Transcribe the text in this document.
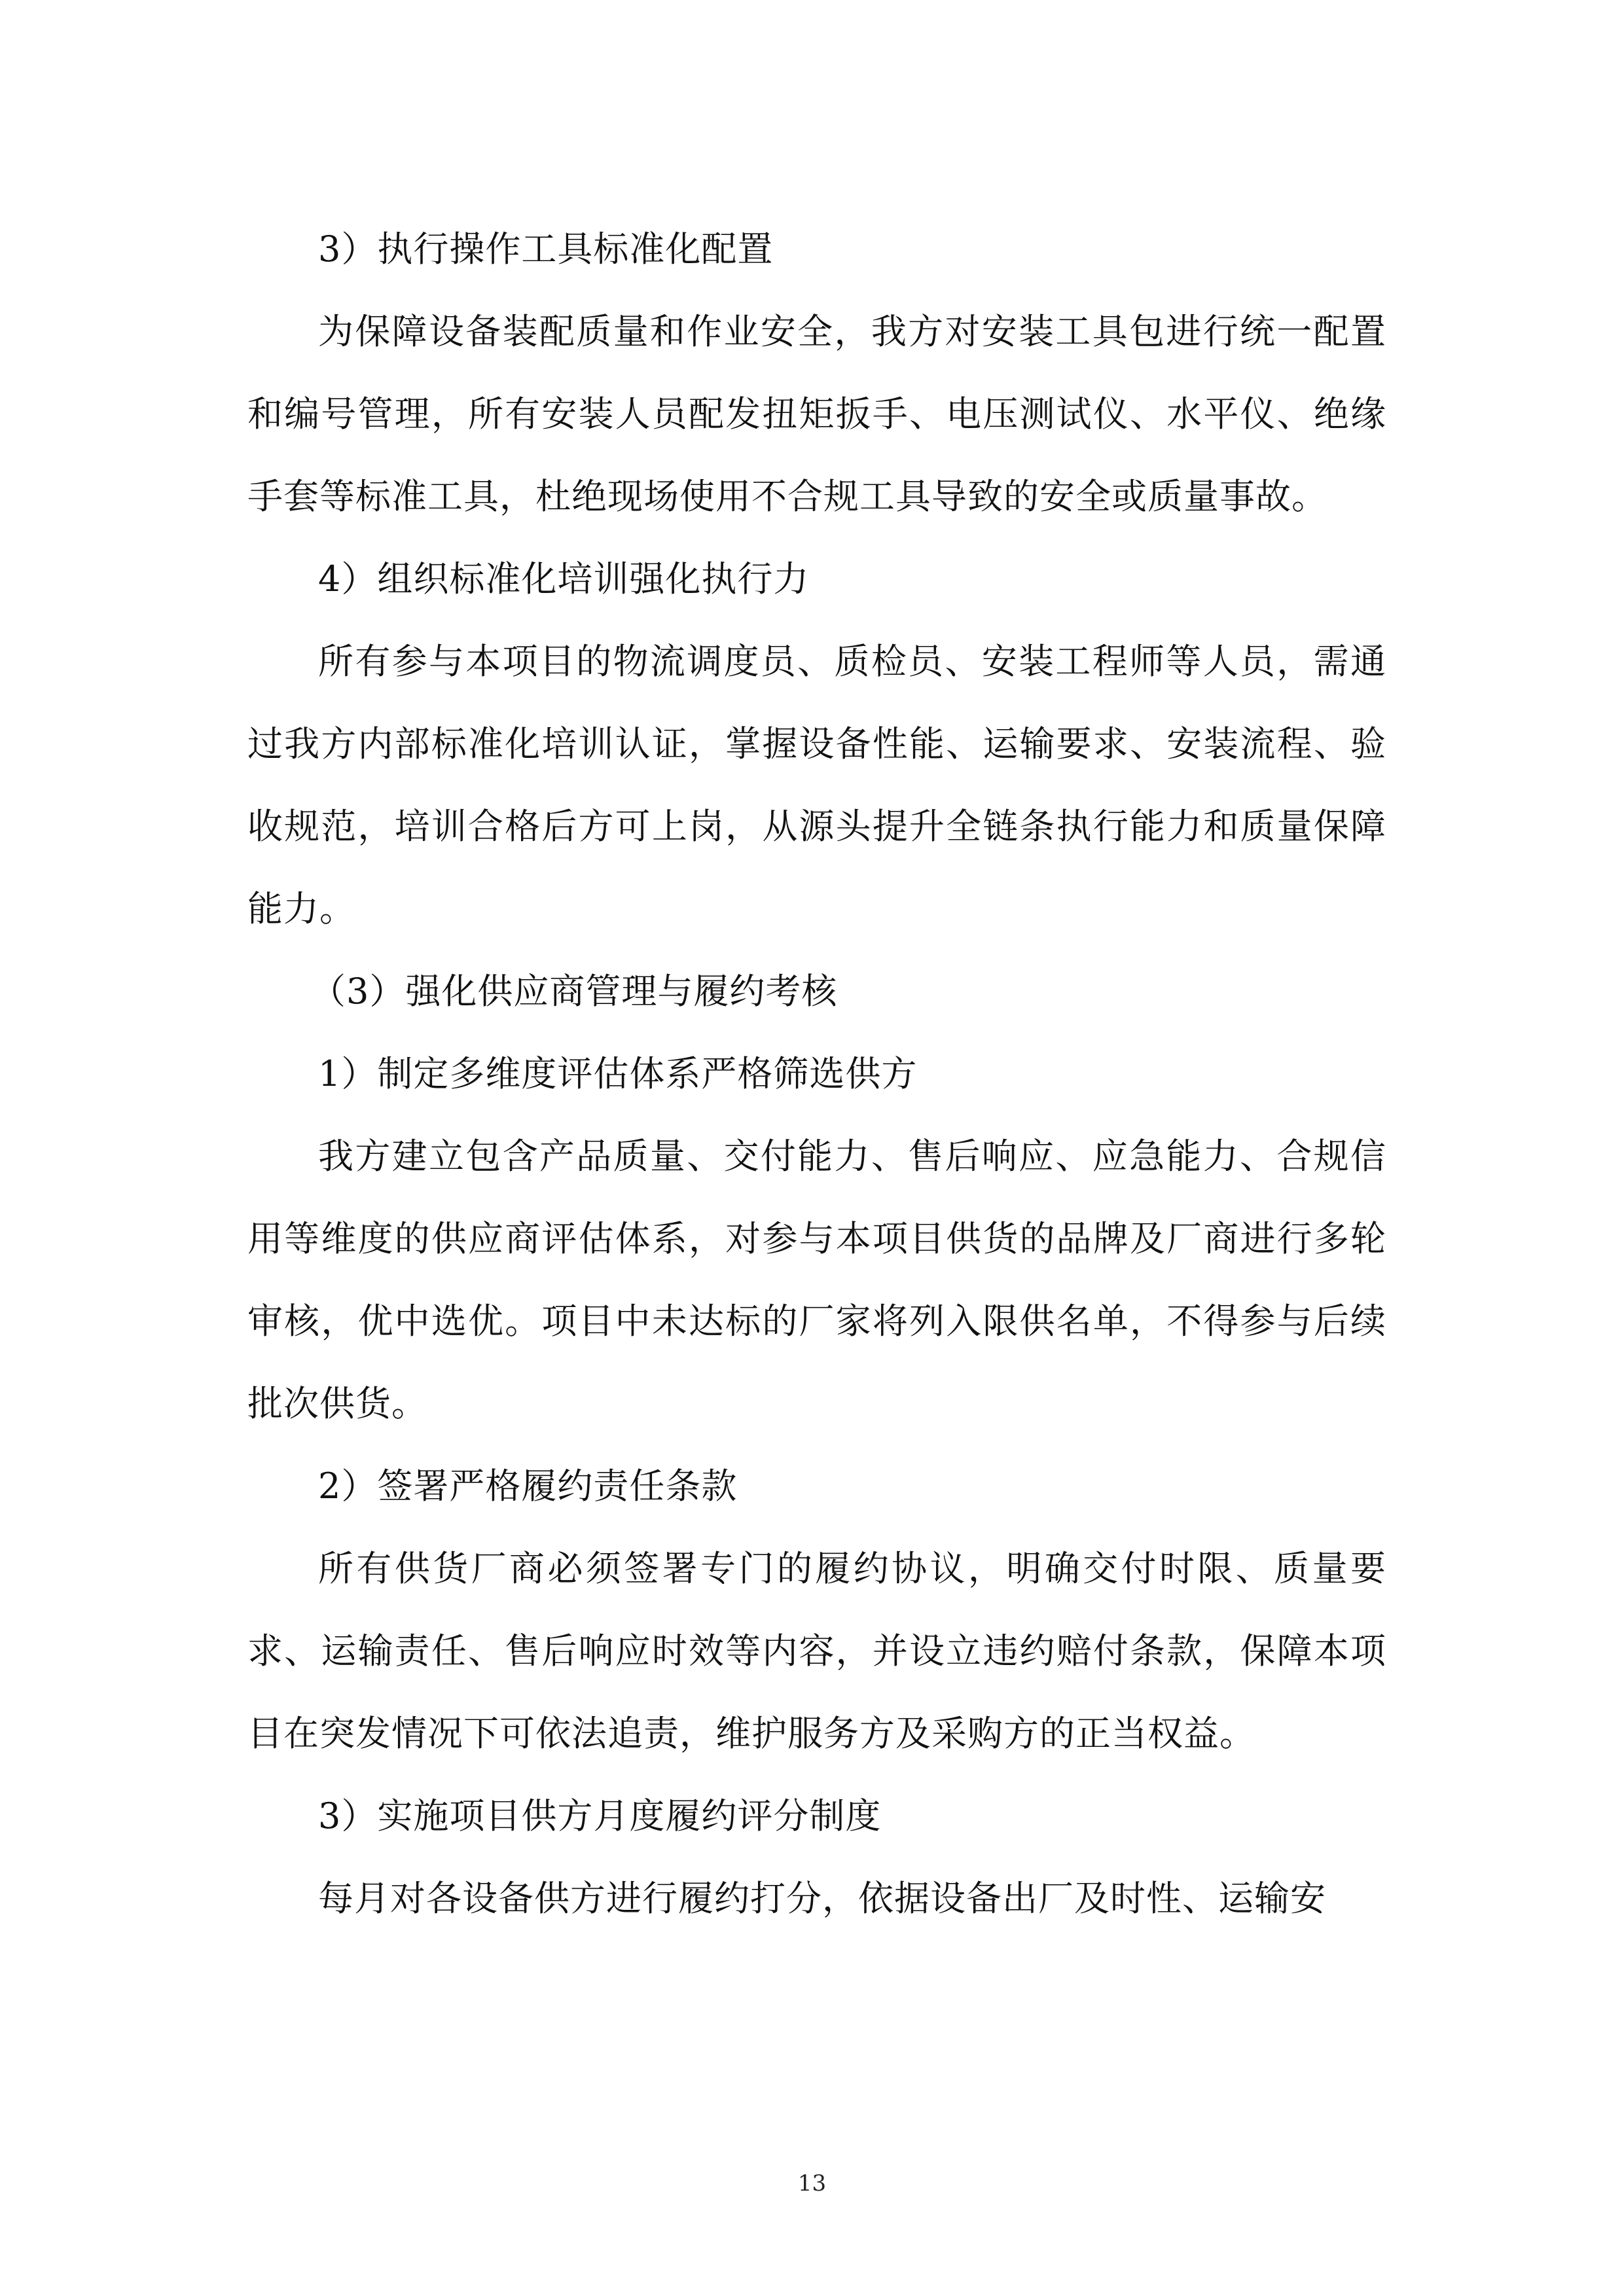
3）执行操作工具标准化配置

为保障设备装配质量和作业安全，我方对安装工具包进行统一配置和编号管理，所有安装人员配发扭矩扳手、电压测试仪、水平仪、绝缘手套等标准工具，杜绝现场使用不合规工具导致的安全或质量事故。

4）组织标准化培训强化执行力

所有参与本项目的物流调度员、质检员、安装工程师等人员，需通过我方内部标准化培训认证，掌握设备性能、运输要求、安装流程、验收规范，培训合格后方可上岗，从源头提升全链条执行能力和质量保障能力。

（3）强化供应商管理与履约考核

1）制定多维度评估体系严格筛选供方

我方建立包含产品质量、交付能力、售后响应、应急能力、合规信用等维度的供应商评估体系，对参与本项目供货的品牌及厂商进行多轮审核，优中选优。项目中未达标的厂家将列入限供名单，不得参与后续批次供货。

2）签署严格履约责任条款

所有供货厂商必须签署专门的履约协议，明确交付时限、质量要求、运输责任、售后响应时效等内容，并设立违约赔付条款，保障本项目在突发情况下可依法追责，维护服务方及采购方的正当权益。

3）实施项目供方月度履约评分制度

每月对各设备供方进行履约打分，依据设备出厂及时性、运输安

13
